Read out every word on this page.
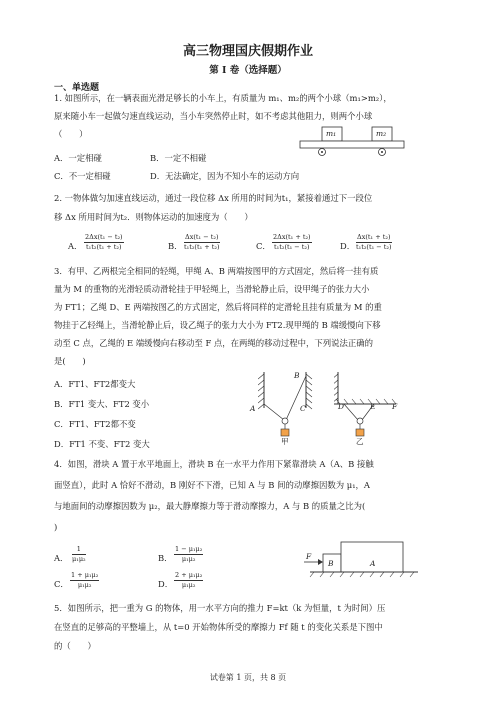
高三物理国庆假期作业
第 I 卷（选择题）
一、单选题
1. 如图所示，在一辆表面光滑足够长的小车上，有质量为 m₁、m₂的两个小球（m₁>m₂），
原来随小车一起做匀速直线运动，当小车突然停止时，如不考虑其他阻力，则两个小球
（　　）
A．一定相碰	B．一定不相碰
C．不一定相碰	D．无法确定，因为不知小车的运动方向
m₁	m₂
2. 一物体做匀加速直线运动，通过一段位移 Δx 所用的时间为t₁，紧接着通过下一段位
移 Δx 所用时间为t₂．则物体运动的加速度为（　　）
A． $\frac{\text{2Δx(t₁ − t₂)}}{\text{t₁t₂(t₁ + t₂)}}$	B． $\frac{\text{Δx(t₁ − t₂)}}{\text{t₁t₂(t₁ + t₂)}}$	C． $\frac{\text{2Δx(t₁ + t₂)}}{\text{t₁t₂(t₁ − t₂)}}$	D． $\frac{\text{Δx(t₁ + t₂)}}{\text{t₁t₂(t₁ − t₂)}}$
3．有甲、乙两根完全相同的轻绳，甲绳 A、B 两端按图甲的方式固定，然后将一挂有质
量为 M 的重物的光滑轻质动滑轮挂于甲轻绳上，当滑轮静止后，设甲绳子的张力大小
为 FT1；乙绳 D、E 两端按图乙的方式固定，然后将同样的定滑轮且挂有质量为 M 的重
物挂于乙轻绳上，当滑轮静止后，设乙绳子的张力大小为 FT2.现甲绳的 B 端缓慢向下移
动至 C 点，乙绳的 E 端缓慢向右移动至 F 点，在两绳的移动过程中，下列说法正确的
是(　　)
A．FT1、FT2都变大
B．FT1 变大、FT2 变小
C．FT1、FT2都不变
D．FT1 不变、FT2 变大
A
B
C
甲
D	E F
乙
4．如图，滑块 A 置于水平地面上，滑块 B 在一水平力作用下紧靠滑块 A（A、B 接触
面竖直），此时 A 恰好不滑动，B 刚好不下滑，已知 A 与 B 间的动摩擦因数为 μ₁，A
与地面间的动摩擦因数为 μ₂，最大静摩擦力等于滑动摩擦力，A 与 B 的质量之比为(
)
A． $\frac{1}{\text{μ₁μ₂}}$	B． $\frac{\text{1 − μ₁μ₂}}{\text{μ₁μ₂}}$
C． $\frac{\text{1 + μ₁μ₂}}{\text{μ₁μ₂}}$	D． $\frac{\text{2 + μ₁μ₂}}{\text{μ₁μ₂}}$
F
B	A
5．如图所示，把一重为 G 的物体，用一水平方向的推力 F=kt（k 为恒量，t 为时间）压
在竖直的足够高的平整墙上，从 t=0 开始物体所受的摩擦力 Ff 随 t 的变化关系是下图中
的（　　）
试卷第 1 页，共 8 页
